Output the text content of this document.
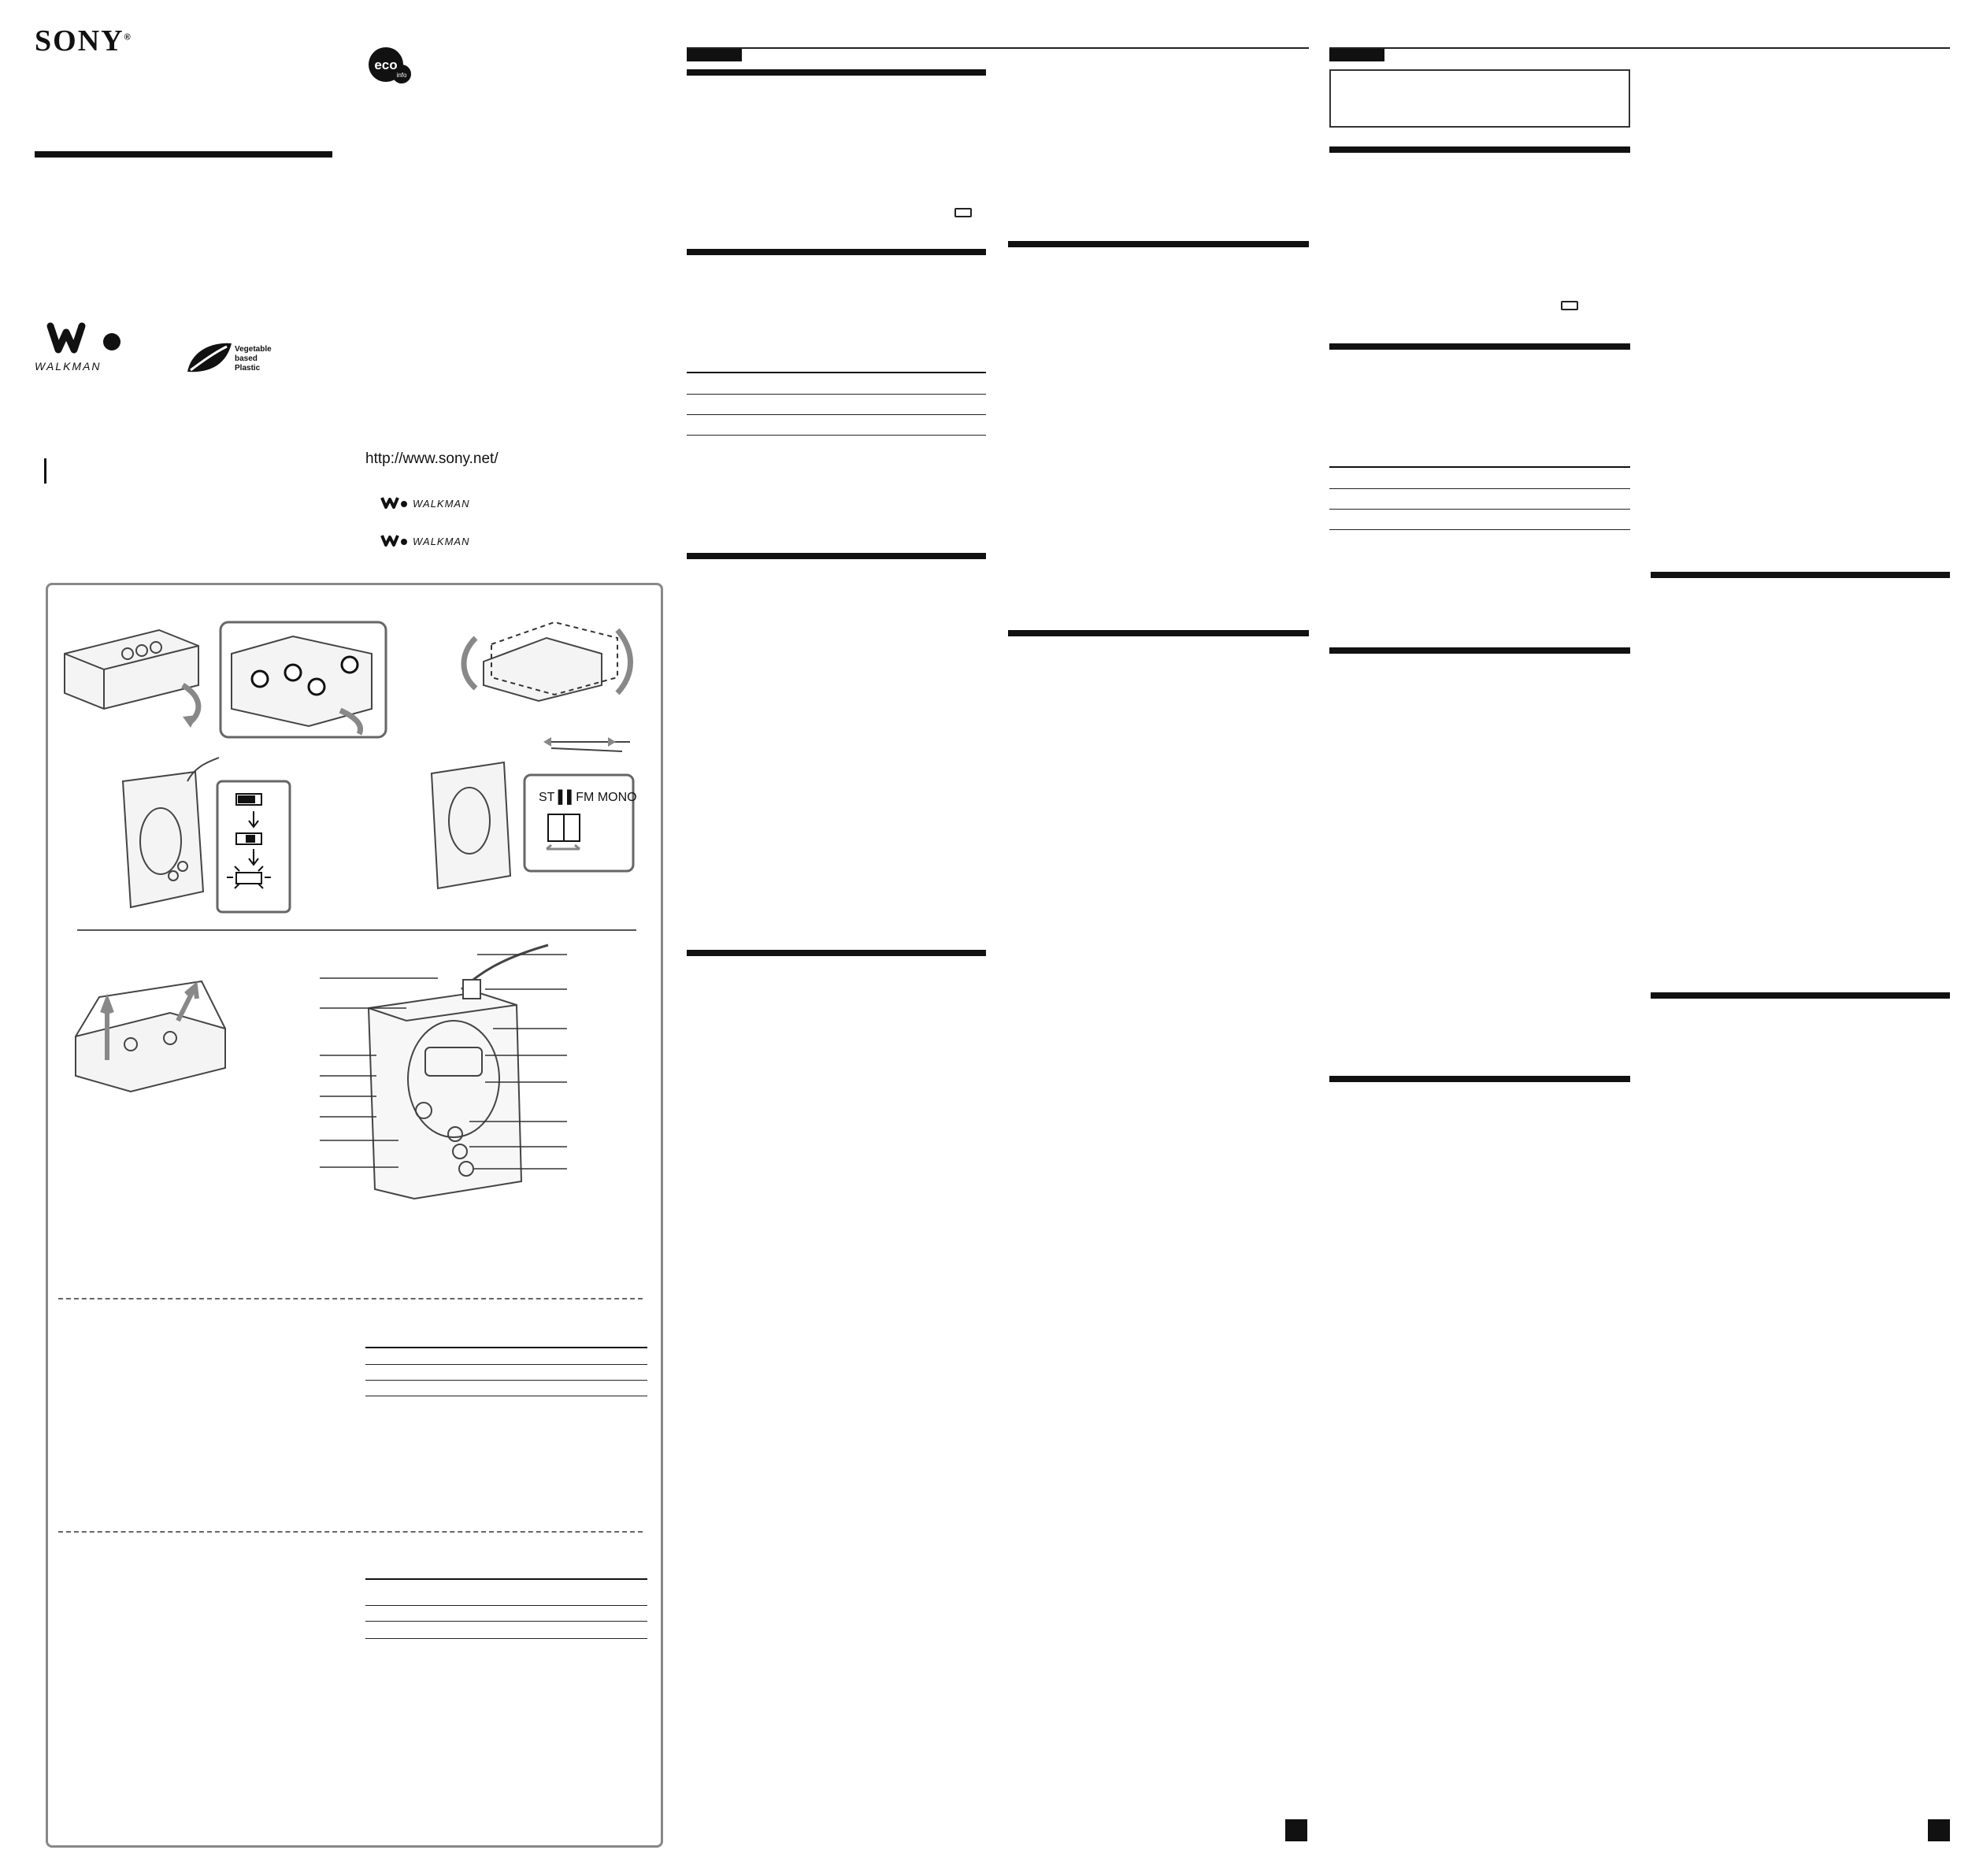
SONY®
eco
info
WALKMAN
Vegetable
based
Plastic
http://www.sony.net/
WALKMAN
WALKMAN
ST ▌▌FM MONO
